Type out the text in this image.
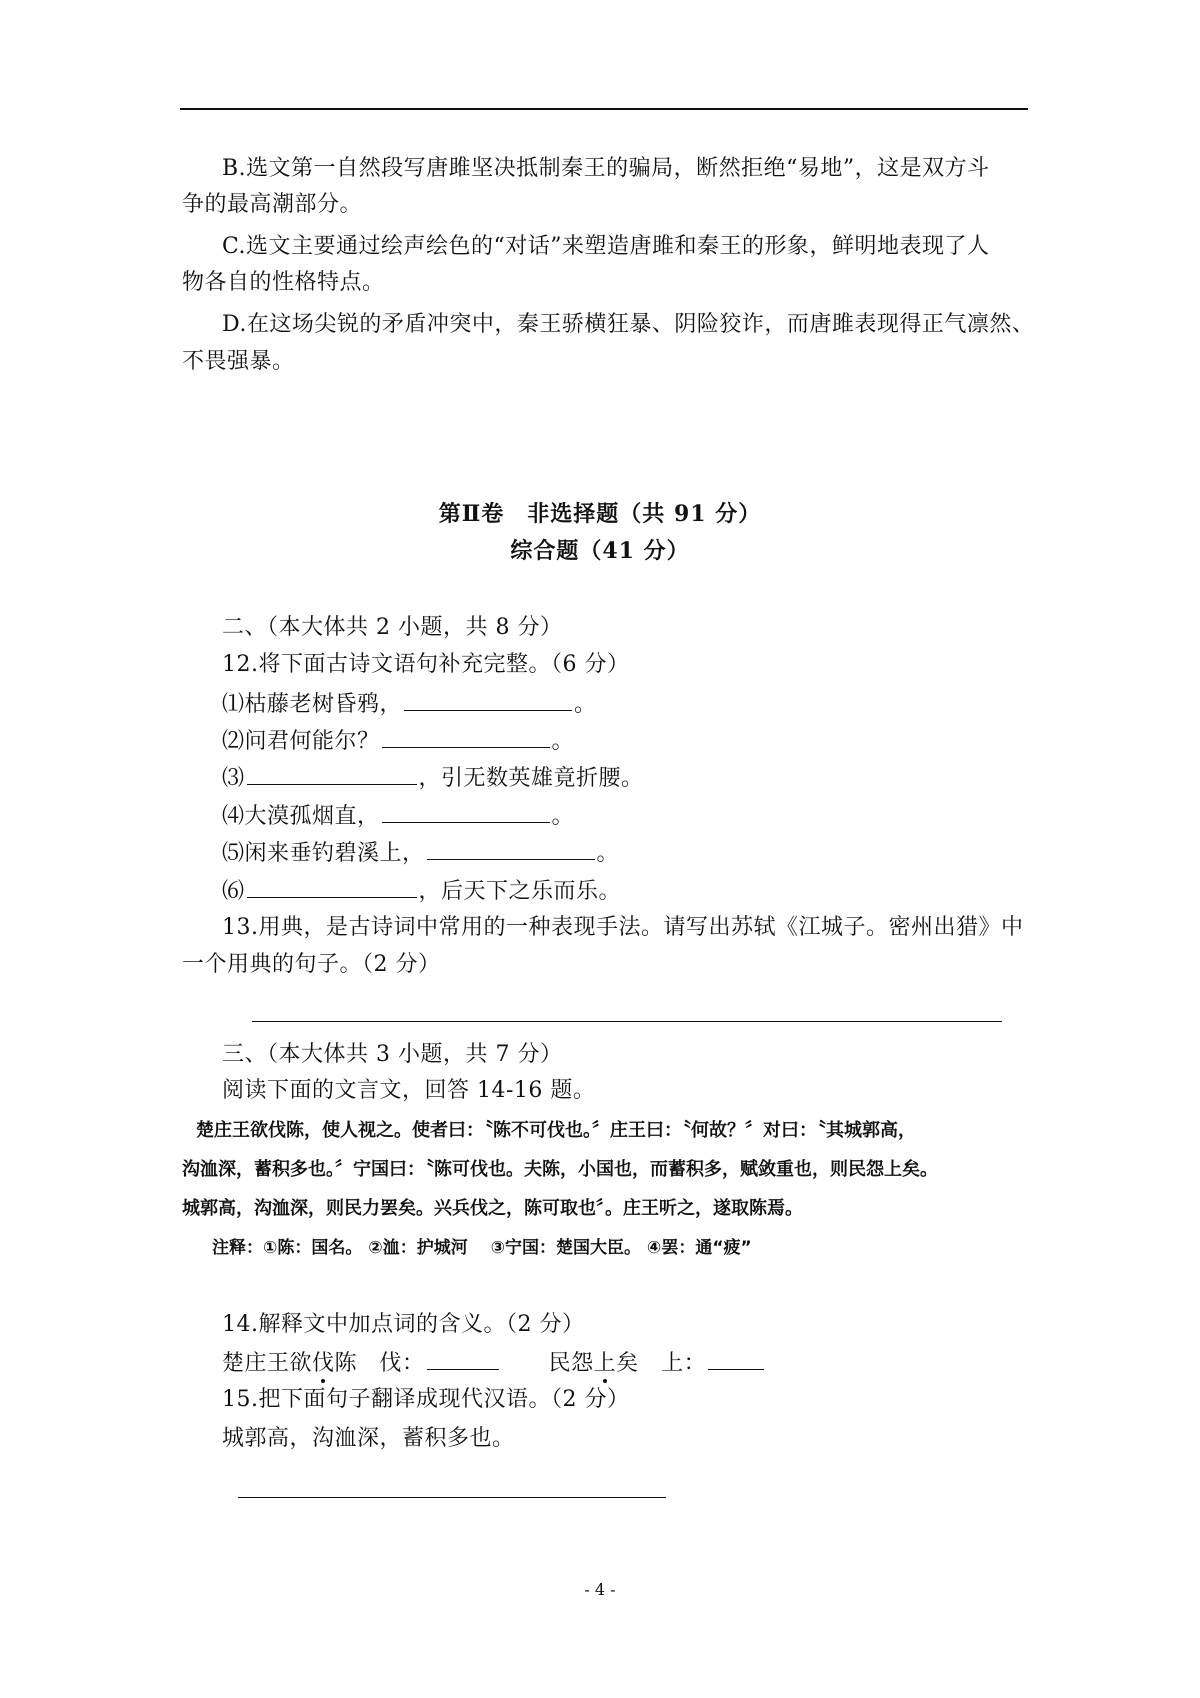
B.选文第一自然段写唐雎坚决抵制秦王的骗局，断然拒绝“易地”，这是双方斗
争的最高潮部分。
C.选文主要通过绘声绘色的“对话”来塑造唐雎和秦王的形象，鲜明地表现了人
物各自的性格特点。
D.在这场尖锐的矛盾冲突中，秦王骄横狂暴、阴险狡诈，而唐雎表现得正气凛然、
不畏强暴。
第Ⅱ卷　非选择题（共 91 分）
综合题（41 分）
二、（本大体共 2 小题，共 8 分）
12.将下面古诗文语句补充完整。（6 分）
⑴枯藤老树昏鸦，	。
⑵问君何能尔？	。
⑶	，引无数英雄竟折腰。
⑷大漠孤烟直，	。
⑸闲来垂钓碧溪上，	。
⑹	，后天下之乐而乐。
13.用典，是古诗词中常用的一种表现手法。请写出苏轼《江城子。密州出猎》中
一个用典的句子。（2 分）
三、（本大体共 3 小题，共 7 分）
阅读下面的文言文，回答 14-16 题。
楚庄王欲伐陈，使人视之。使者曰：〝陈不可伐也。〞庄王曰：〝何故？〞对曰：〝其城郭高，
沟洫深，蓄积多也。〞宁国曰：〝陈可伐也。夫陈，小国也，而蓄积多，赋敛重也，则民怨上矣。
城郭高，沟洫深，则民力罢矣。兴兵伐之，陈可取也〞。庄王听之，遂取陈焉。
注释：①陈：国名。 ②洫：护城河　 ③宁国：楚国大臣。 ④罢：通“疲”
14.解释文中加点词的含义。（2 分）
楚庄王欲伐陈　伐：	民怨上矣　上：
15.把下面句子翻译成现代汉语。（2 分）
城郭高，沟洫深，蓄积多也。
- 4 -
